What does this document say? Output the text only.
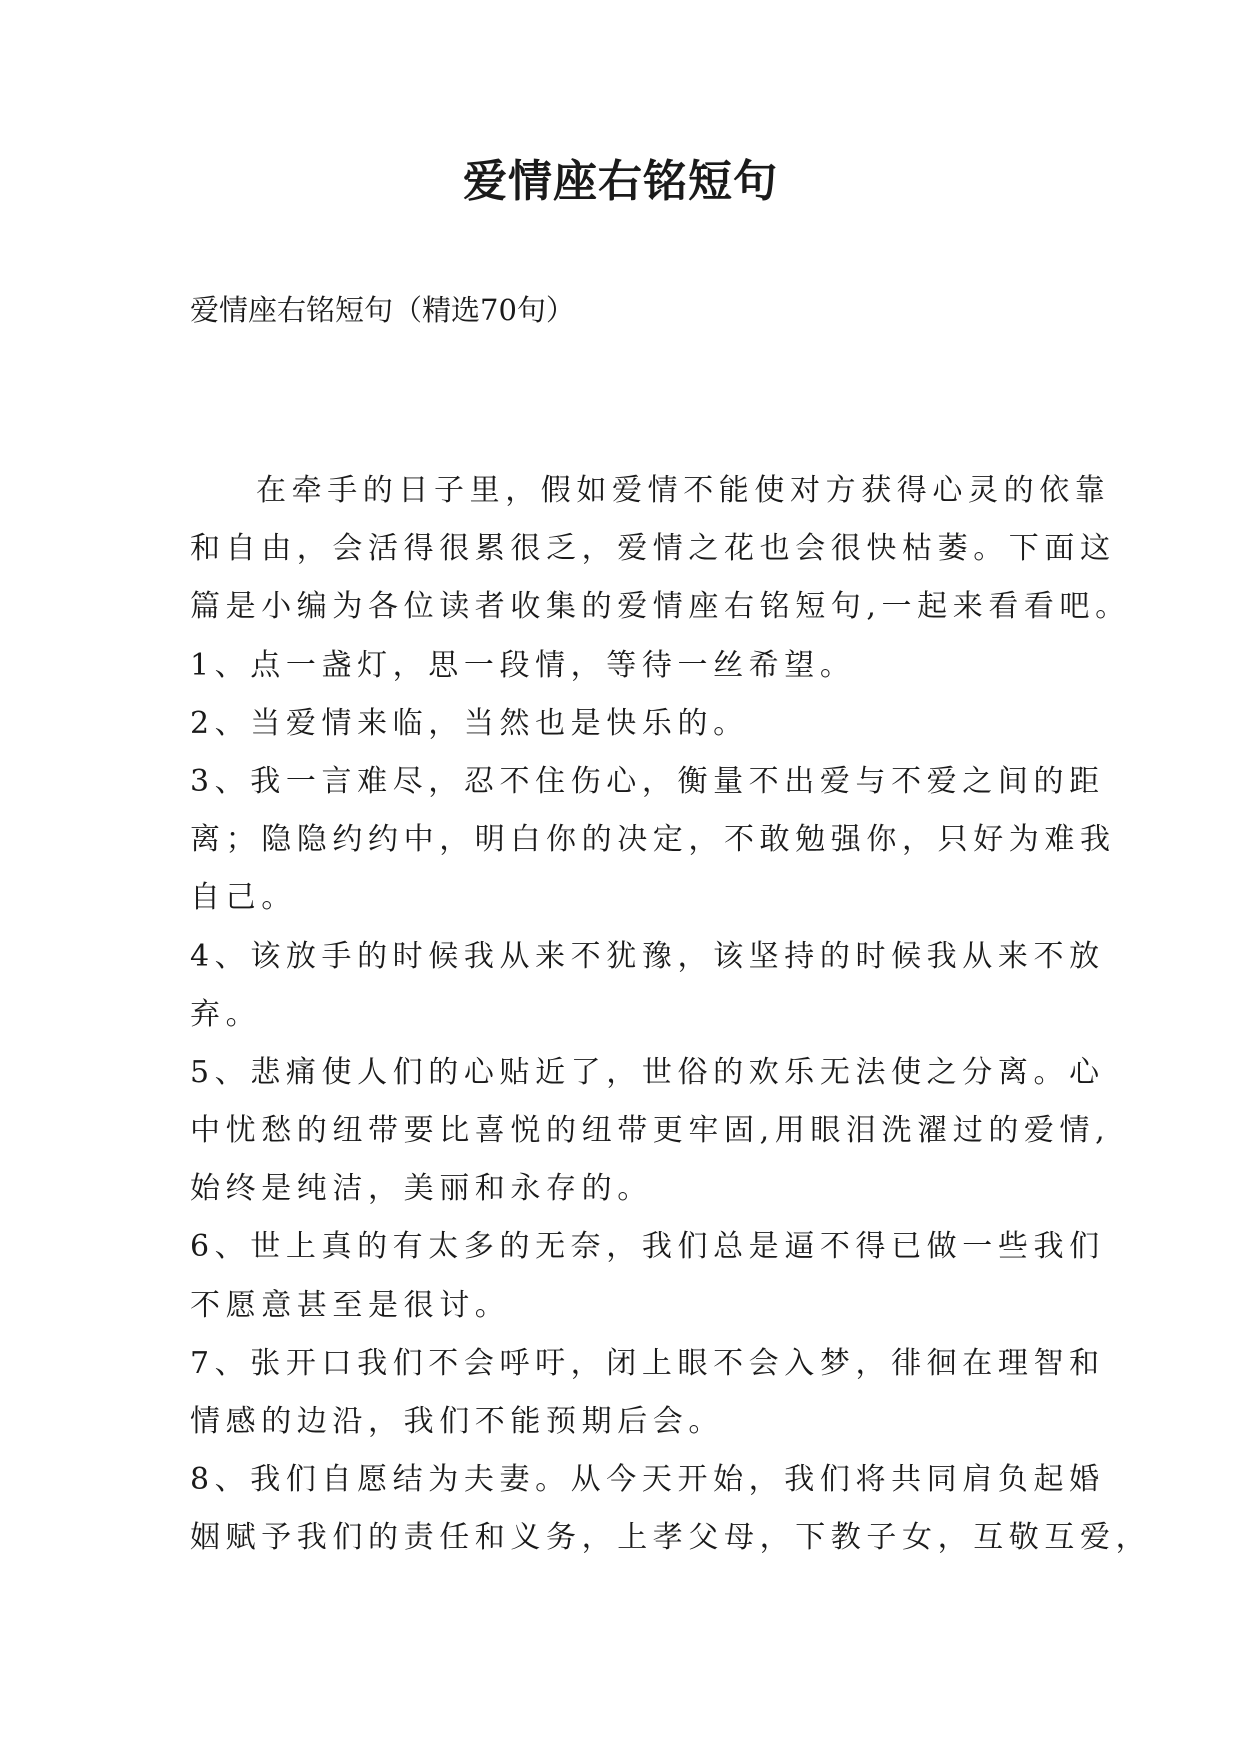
爱情座右铭短句

爱情座右铭短句（精选70句）

在牵手的日子里，假如爱情不能使对方获得心灵的依靠
和自由，会活得很累很乏，爱情之花也会很快枯萎。下面这
篇是小编为各位读者收集的爱情座右铭短句,一起来看看吧。
1、点一盏灯，思一段情，等待一丝希望。
2、当爱情来临，当然也是快乐的。
3、我一言难尽，忍不住伤心，衡量不出爱与不爱之间的距
离；隐隐约约中，明白你的决定，不敢勉强你，只好为难我
自己。
4、该放手的时候我从来不犹豫，该坚持的时候我从来不放
弃。
5、悲痛使人们的心贴近了，世俗的欢乐无法使之分离。心
中忧愁的纽带要比喜悦的纽带更牢固,用眼泪洗濯过的爱情,
始终是纯洁，美丽和永存的。
6、世上真的有太多的无奈，我们总是逼不得已做一些我们
不愿意甚至是很讨。
7、张开口我们不会呼吁，闭上眼不会入梦，徘徊在理智和
情感的边沿，我们不能预期后会。
8、我们自愿结为夫妻。从今天开始，我们将共同肩负起婚
姻赋予我们的责任和义务，上孝父母，下教子女，互敬互爱，
